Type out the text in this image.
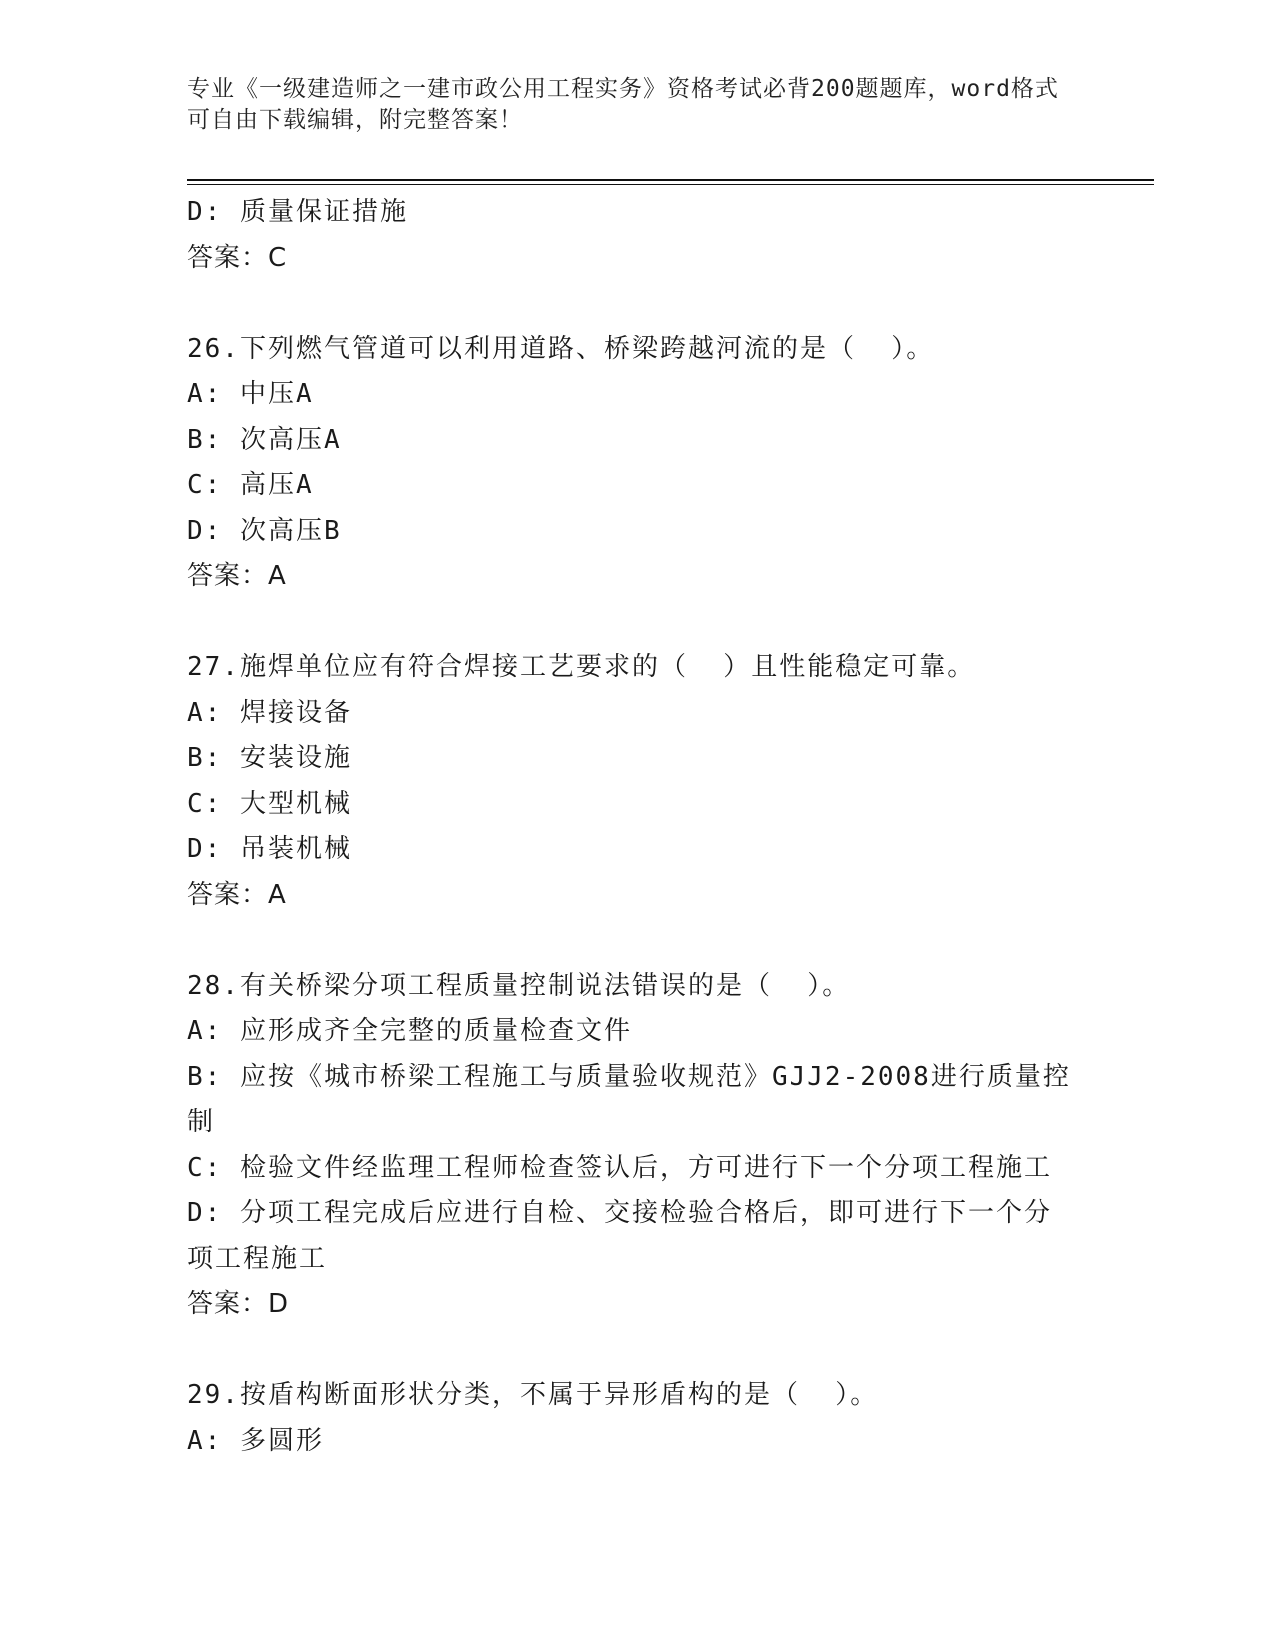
专业《一级建造师之一建市政公用工程实务》资格考试必背200题题库，word格式可自由下载编辑，附完整答案！
D: 质量保证措施
答案：C
26.下列燃气管道可以利用道路、桥梁跨越河流的是（  ）。
A: 中压A
B: 次高压A
C: 高压A
D: 次高压B
答案：A
27.施焊单位应有符合焊接工艺要求的（  ）且性能稳定可靠。
A: 焊接设备
B: 安装设施
C: 大型机械
D: 吊装机械
答案：A
28.有关桥梁分项工程质量控制说法错误的是（  ）。
A: 应形成齐全完整的质量检查文件
B: 应按《城市桥梁工程施工与质量验收规范》GJJ2-2008进行质量控制
C: 检验文件经监理工程师检查签认后，方可进行下一个分项工程施工
D: 分项工程完成后应进行自检、交接检验合格后，即可进行下一个分项工程施工
答案：D
29.按盾构断面形状分类，不属于异形盾构的是（  ）。
A: 多圆形
